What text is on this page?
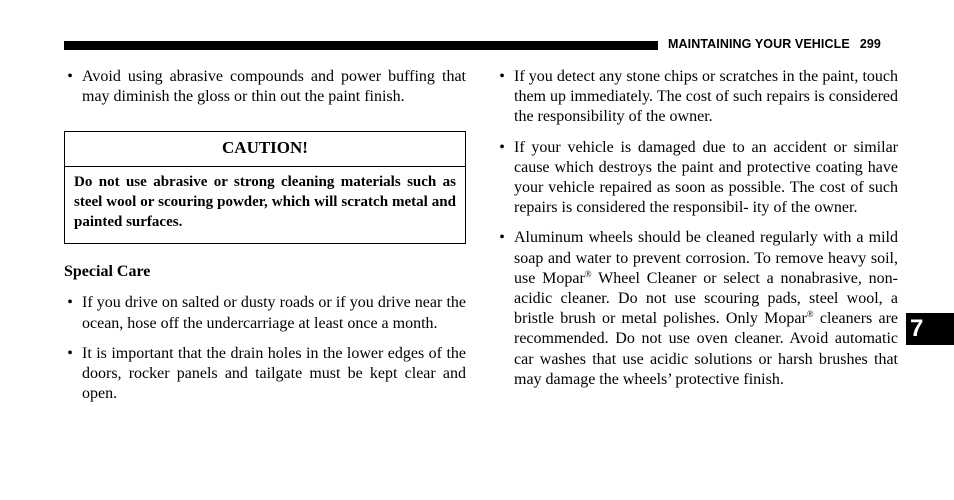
MAINTAINING YOUR VEHICLE 299
• Avoid using abrasive compounds and power buffing that may diminish the gloss or thin out the paint finish.
CAUTION!
Do not use abrasive or strong cleaning materials such as steel wool or scouring powder, which will scratch metal and painted surfaces.
Special Care
• If you drive on salted or dusty roads or if you drive near the ocean, hose off the undercarriage at least once a month.
• It is important that the drain holes in the lower edges of the doors, rocker panels and tailgate must be kept clear and open.
• If you detect any stone chips or scratches in the paint, touch them up immediately. The cost of such repairs is considered the responsibility of the owner.
• If your vehicle is damaged due to an accident or similar cause which destroys the paint and protective coating have your vehicle repaired as soon as possible. The cost of such repairs is considered the responsibil- ity of the owner.
• Aluminum wheels should be cleaned regularly with a mild soap and water to prevent corrosion. To remove heavy soil, use Mopar® Wheel Cleaner or select a nonabrasive, non-acidic cleaner. Do not use scouring pads, steel wool, a bristle brush or metal polishes. Only Mopar® cleaners are recommended. Do not use oven cleaner. Avoid automatic car washes that use acidic solutions or harsh brushes that may damage the wheels’ protective finish.
7
